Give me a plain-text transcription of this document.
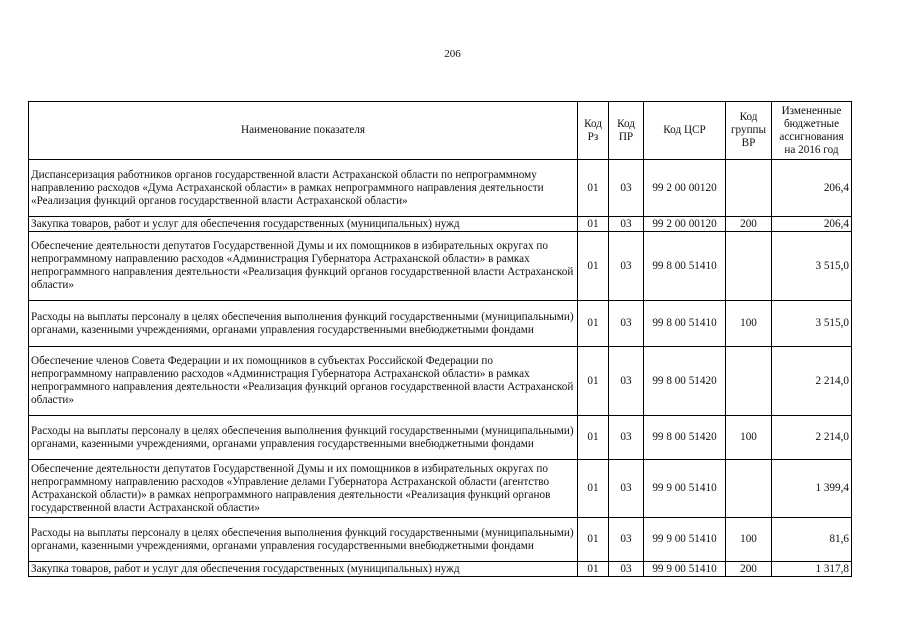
206
Наименование показателя	Код Рз	Код ПР	Код ЦСР	Код группы ВР	Измененные бюджетные ассигнования на 2016 год
Диспансеризация работников органов государственной власти Астраханской области по непрограммному направлению расходов «Дума Астраханской области» в рамках непрограммного направления деятельности «Реализация функций органов государственной власти Астраханской области»	01	03	99 2 00 00120		206,4
Закупка товаров, работ и услуг для обеспечения государственных (муниципальных) нужд	01	03	99 2 00 00120	200	206,4
Обеспечение деятельности депутатов Государственной Думы и их помощников в избирательных округах по непрограммному направлению расходов «Администрация Губернатора Астраханской области» в рамках непрограммного направления деятельности «Реализация функций органов государственной власти Астраханской области»	01	03	99 8 00 51410		3 515,0
Расходы на выплаты персоналу в целях обеспечения выполнения функций государственными (муниципальными) органами, казенными учреждениями, органами управления государственными внебюджетными фондами	01	03	99 8 00 51410	100	3 515,0
Обеспечение членов Совета Федерации и их помощников в субъектах Российской Федерации по непрограммному направлению расходов «Администрация Губернатора Астраханской области» в рамках непрограммного направления деятельности «Реализация функций органов государственной власти Астраханской области»	01	03	99 8 00 51420		2 214,0
Расходы на выплаты персоналу в целях обеспечения выполнения функций государственными (муниципальными) органами, казенными учреждениями, органами управления государственными внебюджетными фондами	01	03	99 8 00 51420	100	2 214,0
Обеспечение деятельности депутатов Государственной Думы и их помощников в избирательных округах по непрограммному направлению расходов «Управление делами Губернатора Астраханской области (агентство Астраханской области)» в рамках непрограммного направления деятельности «Реализация функций органов государственной власти Астраханской области»	01	03	99 9 00 51410		1 399,4
Расходы на выплаты персоналу в целях обеспечения выполнения функций государственными (муниципальными) органами, казенными учреждениями, органами управления государственными внебюджетными фондами	01	03	99 9 00 51410	100	81,6
Закупка товаров, работ и услуг для обеспечения государственных (муниципальных) нужд	01	03	99 9 00 51410	200	1 317,8
